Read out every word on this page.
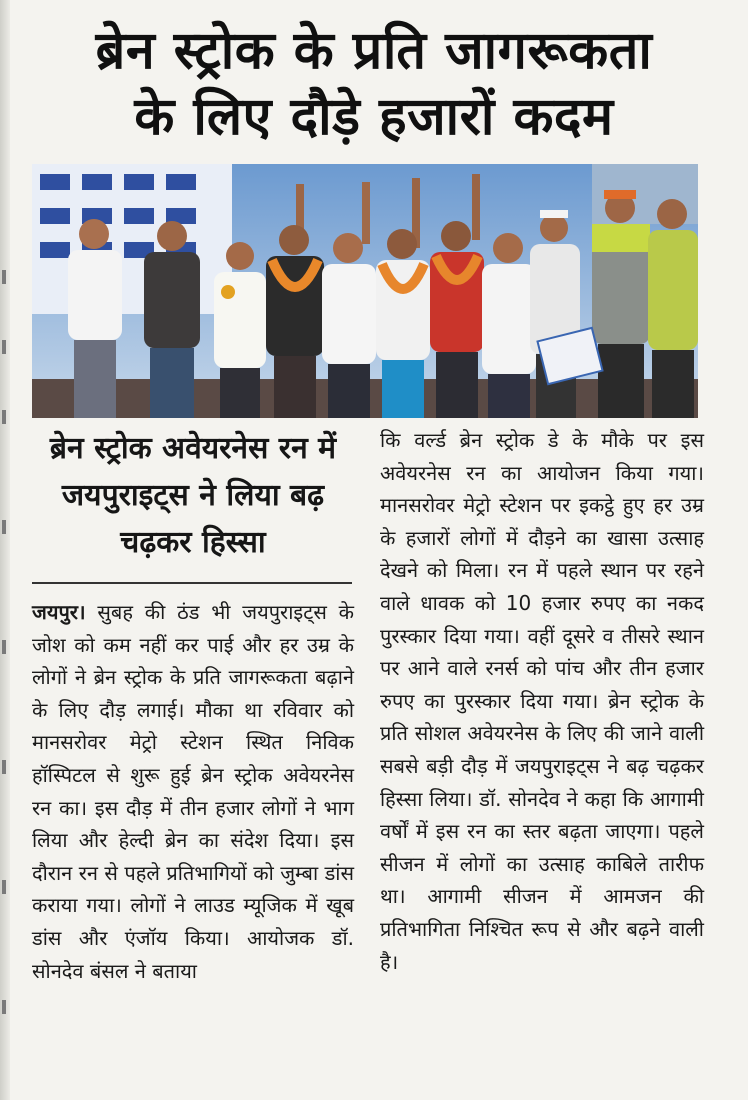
ब्रेन स्ट्रोक के प्रति जागरूकता
के लिए दौड़े हजारों कदम
ब्रेन स्ट्रोक अवेयरनेस रन में जयपुराइट्स ने लिया बढ़ चढ़कर हिस्सा
जयपुर। सुबह की ठंड भी जयपुराइट्स के जोश को कम नहीं कर पाई और हर उम्र के लोगों ने ब्रेन स्ट्रोक के प्रति जागरूकता बढ़ाने के लिए दौड़ लगाई। मौका था रविवार को मानसरोवर मेट्रो स्टेशन स्थित निविक हॉस्पिटल से शुरू हुई ब्रेन स्ट्रोक अवेयरनेस रन का। इस दौड़ में तीन हजार लोगों ने भाग लिया और हेल्दी ब्रेन का संदेश दिया। इस दौरान रन से पहले प्रतिभागियों को जुम्बा डांस कराया गया। लोगों ने लाउड म्यूजिक में खूब डांस और एंजॉय किया। आयोजक डॉ. सोनदेव बंसल ने बताया
कि वर्ल्ड ब्रेन स्ट्रोक डे के मौके पर इस अवेयरनेस रन का आयोजन किया गया। मानसरोवर मेट्रो स्टेशन पर इकट्ठे हुए हर उम्र के हजारों लोगों में दौड़ने का खासा उत्साह देखने को मिला। रन में पहले स्थान पर रहने वाले धावक को 10 हजार रुपए का नकद पुरस्कार दिया गया। वहीं दूसरे व तीसरे स्थान पर आने वाले रनर्स को पांच और तीन हजार रुपए का पुरस्कार दिया गया। ब्रेन स्ट्रोक के प्रति सोशल अवेयरनेस के लिए की जाने वाली सबसे बड़ी दौड़ में जयपुराइट्स ने बढ़ चढ़कर हिस्सा लिया। डॉ. सोनदेव ने कहा कि आगामी वर्षों में इस रन का स्तर बढ़ता जाएगा। पहले सीजन में लोगों का उत्साह काबिले तारीफ था। आगामी सीजन में आमजन की प्रतिभागिता निश्चित रूप से और बढ़ने वाली है।
